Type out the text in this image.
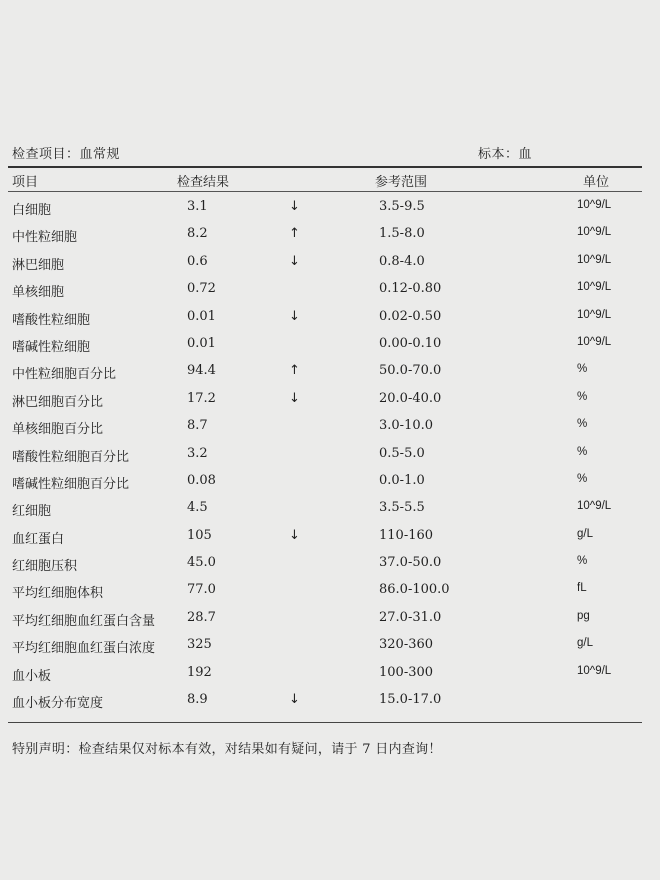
检查项目：血常规	标本：血
项目	检查结果	参考范围	单位
白细胞	3.1	↓	3.5-9.5	10^9/L
中性粒细胞	8.2	↑	1.5-8.0	10^9/L
淋巴细胞	0.6	↓	0.8-4.0	10^9/L
单核细胞	0.72	0.12-0.80	10^9/L
嗜酸性粒细胞	0.01	↓	0.02-0.50	10^9/L
嗜碱性粒细胞	0.01	0.00-0.10	10^9/L
中性粒细胞百分比	94.4	↑	50.0-70.0	%
淋巴细胞百分比	17.2	↓	20.0-40.0	%
单核细胞百分比	8.7	3.0-10.0	%
嗜酸性粒细胞百分比	3.2	0.5-5.0	%
嗜碱性粒细胞百分比	0.08	0.0-1.0	%
红细胞	4.5	3.5-5.5	10^9/L
血红蛋白	105	↓	110-160	g/L
红细胞压积	45.0	37.0-50.0	%
平均红细胞体积	77.0	86.0-100.0	fL
平均红细胞血红蛋白含量 28.7	27.0-31.0	pg
平均红细胞血红蛋白浓度 325	320-360	g/L
血小板	192	100-300	10^9/L
血小板分布宽度	8.9	↓	15.0-17.0
特别声明：检查结果仅对标本有效，对结果如有疑问，请于 7 日内查询！
